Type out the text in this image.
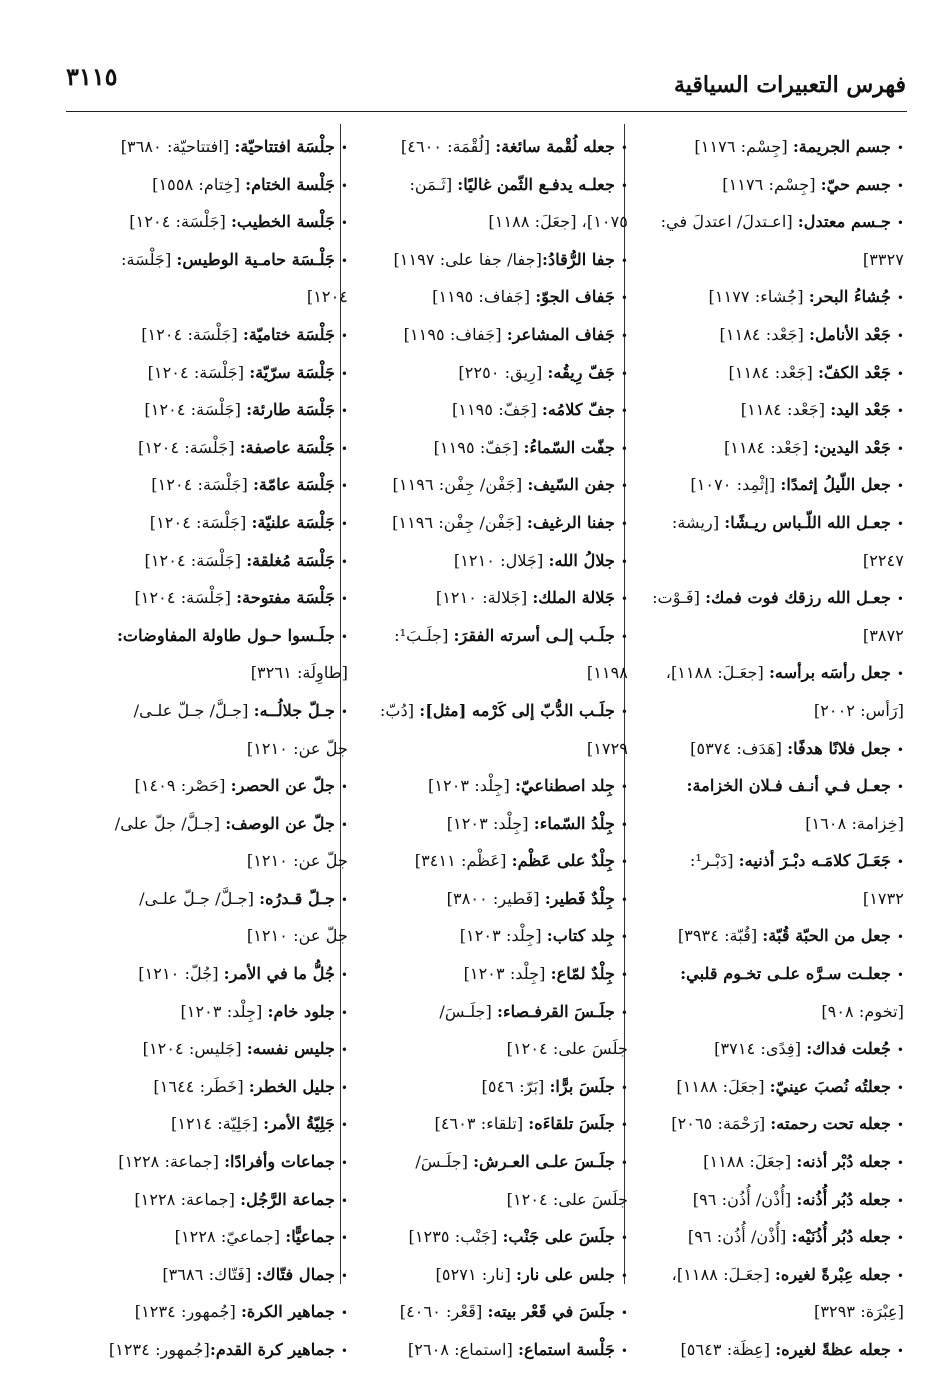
فهرس التعبيرات السياقية
٣١١٥
•جسم الجريمة: [جِسْم: ١١٧٦]
•جسم حيّ: [جِسْم: ١١٧٦]
•جـسم معتدل: [اعـتدلَ/ اعتدلَ في:
٣٣٢٧]
•جُشاءُ البحر: [جُشاء: ١١٧٧]
•جَعْد الأنامل: [جَعْد: ١١٨٤]
•جَعْد الكفّ: [جَعْد: ١١٨٤]
•جَعْد اليد: [جَعْد: ١١٨٤]
•جَعْد اليدين: [جَعْد: ١١٨٤]
•جعل اللّيلُ إثمدًا: [إثْمِد: ١٠٧٠]
•جعـل الله اللّـباس ريـشًا: [ريشة:
٢٢٤٧]
•جعـل الله رزقك فوت فمك: [فَـوْت:
٣٨٧٢]
•جعل رأسَه برأسه: [جعَـلَ: ١١٨٨]،
[رَأس: ٢٠٠٢]
•جعل فلانًا هدفًا: [هَدَف: ٥٣٧٤]
•جعـل فـي أنـف فـلان الخزامة:
[خِزامة: ١٦٠٨]
•جَعَـلَ كلامَـه دبْـرَ أذنيه: [دَبْـر¹:
١٧٣٢]
•جعل من الحبّة قُبّة: [قُبّة: ٣٩٣٤]
•جعلـت سـرَّه علـى تخـوم قلبي:
[تخوم: ٩٠٨]
•جُعلت فداك: [فِدًى: ٣٧١٤]
•جعلتُه نُصبَ عينيّ: [جعَلَ: ١١٨٨]
•جعله تحت رحمته: [رَحْمَة: ٢٠٦٥]
•جعله دُبْر أذنه: [جعَلَ: ١١٨٨]
•جعله دُبُر أُذُنه: [أُذْن/ أُذُن: ٩٦]
•جعله دُبُر أُذُنَيْه: [أُذْن/ أُذُن: ٩٦]
•جعله عِبْرةً لغيره: [جعَـلَ: ١١٨٨]،
[عِبْرَة: ٣٢٩٣]
•جعله عظةً لغيره: [عِظَة: ٥٦٤٣]
•جعله لُقْمة سائغة: [لُقْمَة: ٤٦٠٠]
•جعلـه يدفـع الثّمن غاليًا: [ثَـمَن:
١٠٧٥]، [جعَلَ: ١١٨٨]
•جفا الرُّقادُ:[جفا/ جفا على: ١١٩٧]
•جَفاف الجوّ: [جَفاف: ١١٩٥]
•جَفاف المشاعر: [جَفاف: ١١٩٥]
•جَفّ رِيقُه: [رِيق: ٢٢٥٠]
•جفّ كلامُه: [جَفّ: ١١٩٥]
•جفّت السّماءُ: [جَفّ: ١١٩٥]
•جفن السّيف: [جَفْن/ جِفْن: ١١٩٦]
•جفنا الرغيف: [جَفْن/ جِفْن: ١١٩٦]
•جلالُ الله: [جَلال: ١٢١٠]
•جَلالة الملك: [جَلالة: ١٢١٠]
•جلَـب إلـى أسرته الفقرَ: [جلَـبَ¹:
١١٩٨]
•جلَـب الدُّبّ إلى كَرْمه [مثل]: [دُبّ:
١٧٢٩]
•جِلد اصطناعيّ: [جِلْد: ١٢٠٣]
•جِلْدُ السّماء: [جِلْد: ١٢٠٣]
•جِلْدٌ على عَظْم: [عَظْم: ٣٤١١]
•جِلْدٌ فَطير: [فَطير: ٣٨٠٠]
•جِلد كتاب: [جِلْد: ١٢٠٣]
•جِلْدٌ لمّاع: [جِلْد: ١٢٠٣]
•جلَـسَ القرفـصاء: [جلَـسَ/
جلَسَ على: ١٢٠٤]
•جلَسَ برًّا: [بَرّ: ٥٤٦]
•جلَسَ تلقاءَه: [تلقاء: ٤٦٠٣]
•جلَـسَ علـى العـرش: [جلَـسَ/
جلَسَ على: ١٢٠٤]
•جلَسَ على جَنْب: [جَنْب: ١٢٣٥]
•جلس على نار: [نار: ٥٢٧١]
•جلَسَ في قَعْر بيته: [قَعْر: ٤٠٦٠]
•جَلْسة استماع: [استماع: ٢٦٠٨]
•جلْسَة افتتاحيّة: [افتتاحيّة: ٣٦٨٠]
•جَلْسة الختام: [خِتام: ١٥٥٨]
•جَلْسة الخطيب: [جَلْسَة: ١٢٠٤]
•جَلْـسَة حامـية الوطيس: [جَلْسَة:
١٢٠٤]
•جَلْسَة ختاميّة: [جَلْسَة: ١٢٠٤]
•جَلْسَة سرّيّة: [جَلْسَة: ١٢٠٤]
•جَلْسَة طارئة: [جَلْسَة: ١٢٠٤]
•جَلْسَة عاصفة: [جَلْسَة: ١٢٠٤]
•جَلْسَة عامّة: [جَلْسَة: ١٢٠٤]
•جَلْسَة علنيّة: [جَلْسَة: ١٢٠٤]
•جَلْسَة مُغلقة: [جَلْسَة: ١٢٠٤]
•جَلْسَة مفتوحة: [جَلْسَة: ١٢٠٤]
•جلَـسوا حـول طاولة المفاوضات:
[طاوِلَة: ٣٢٦١]
•جـلّ جلالُــه: [جـلَّ/ جـلّ علـى/
جلّ عن: ١٢١٠]
•جلّ عن الحصر: [حَصْر: ١٤٠٩]
•جلّ عن الوصف: [جـلَّ/ جلّ على/
جلّ عن: ١٢١٠]
•جـلّ قـدرُه: [جـلَّ/ جـلّ علـى/
جلّ عن: ١٢١٠]
•جُلُّ ما في الأمر: [جُلّ: ١٢١٠]
•جلود خام: [جِلْد: ١٢٠٣]
•جليس نفسه: [جَليس: ١٢٠٤]
•جليل الخطر: [خَطَر: ١٦٤٤]
•جَلِيّةُ الأمر: [جَلِيّة: ١٢١٤]
•جماعات وأفرادًا: [جماعة: ١٢٢٨]
•جماعة الرَّجُل: [جماعة: ١٢٢٨]
•جماعيًّا: [جماعيّ: ١٢٢٨]
•جمال فتّاك: [فَتّاك: ٣٦٨٦]
•جماهير الكرة: [جُمهور: ١٢٣٤]
•جماهير كرة القدم:[جُمهور: ١٢٣٤]
